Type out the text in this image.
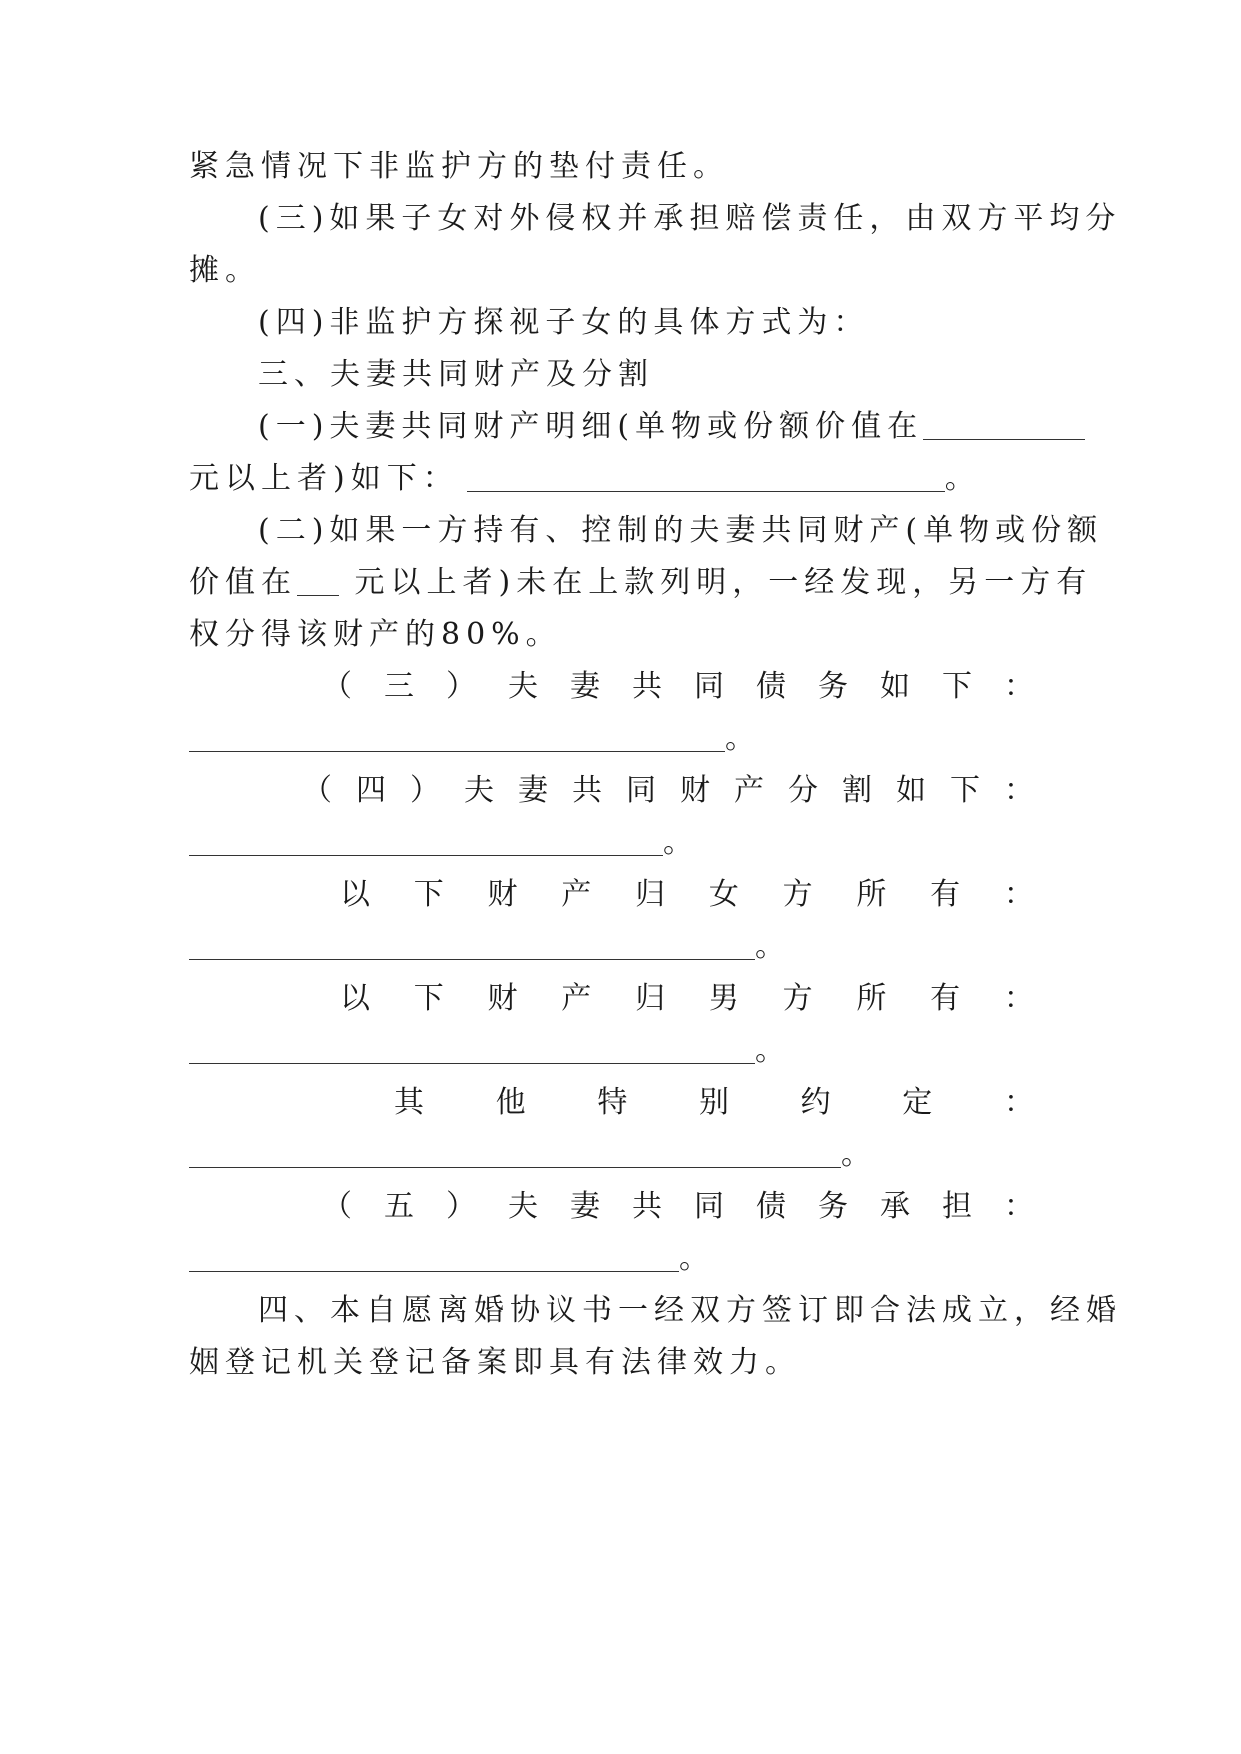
紧急情况下非监护方的垫付责任。
(三)如果子女对外侵权并承担赔偿责任，由双方平均分
摊。
(四)非监护方探视子女的具体方式为：
三、夫妻共同财产及分割
(一)夫妻共同财产明细(单物或份额价值在
元以上者)如下：	。
(二)如果一方持有、控制的夫妻共同财产(单物或份额
价值在 元以上者)未在上款列明，一经发现，另一方有
权分得该财产的80%。
（ 三 ） 夫 妻 共 同 债 务 如 下 ：
。
（ 四 ） 夫 妻 共 同 财 产 分 割 如 下 ：
。
以 下 财 产 归 女 方 所 有 ：
。
以 下 财 产 归 男 方 所 有 ：
。
其 他 特 别 约 定 ：
。
（ 五 ） 夫 妻 共 同 债 务 承 担 ：
。
四、本自愿离婚协议书一经双方签订即合法成立，经婚
姻登记机关登记备案即具有法律效力。
